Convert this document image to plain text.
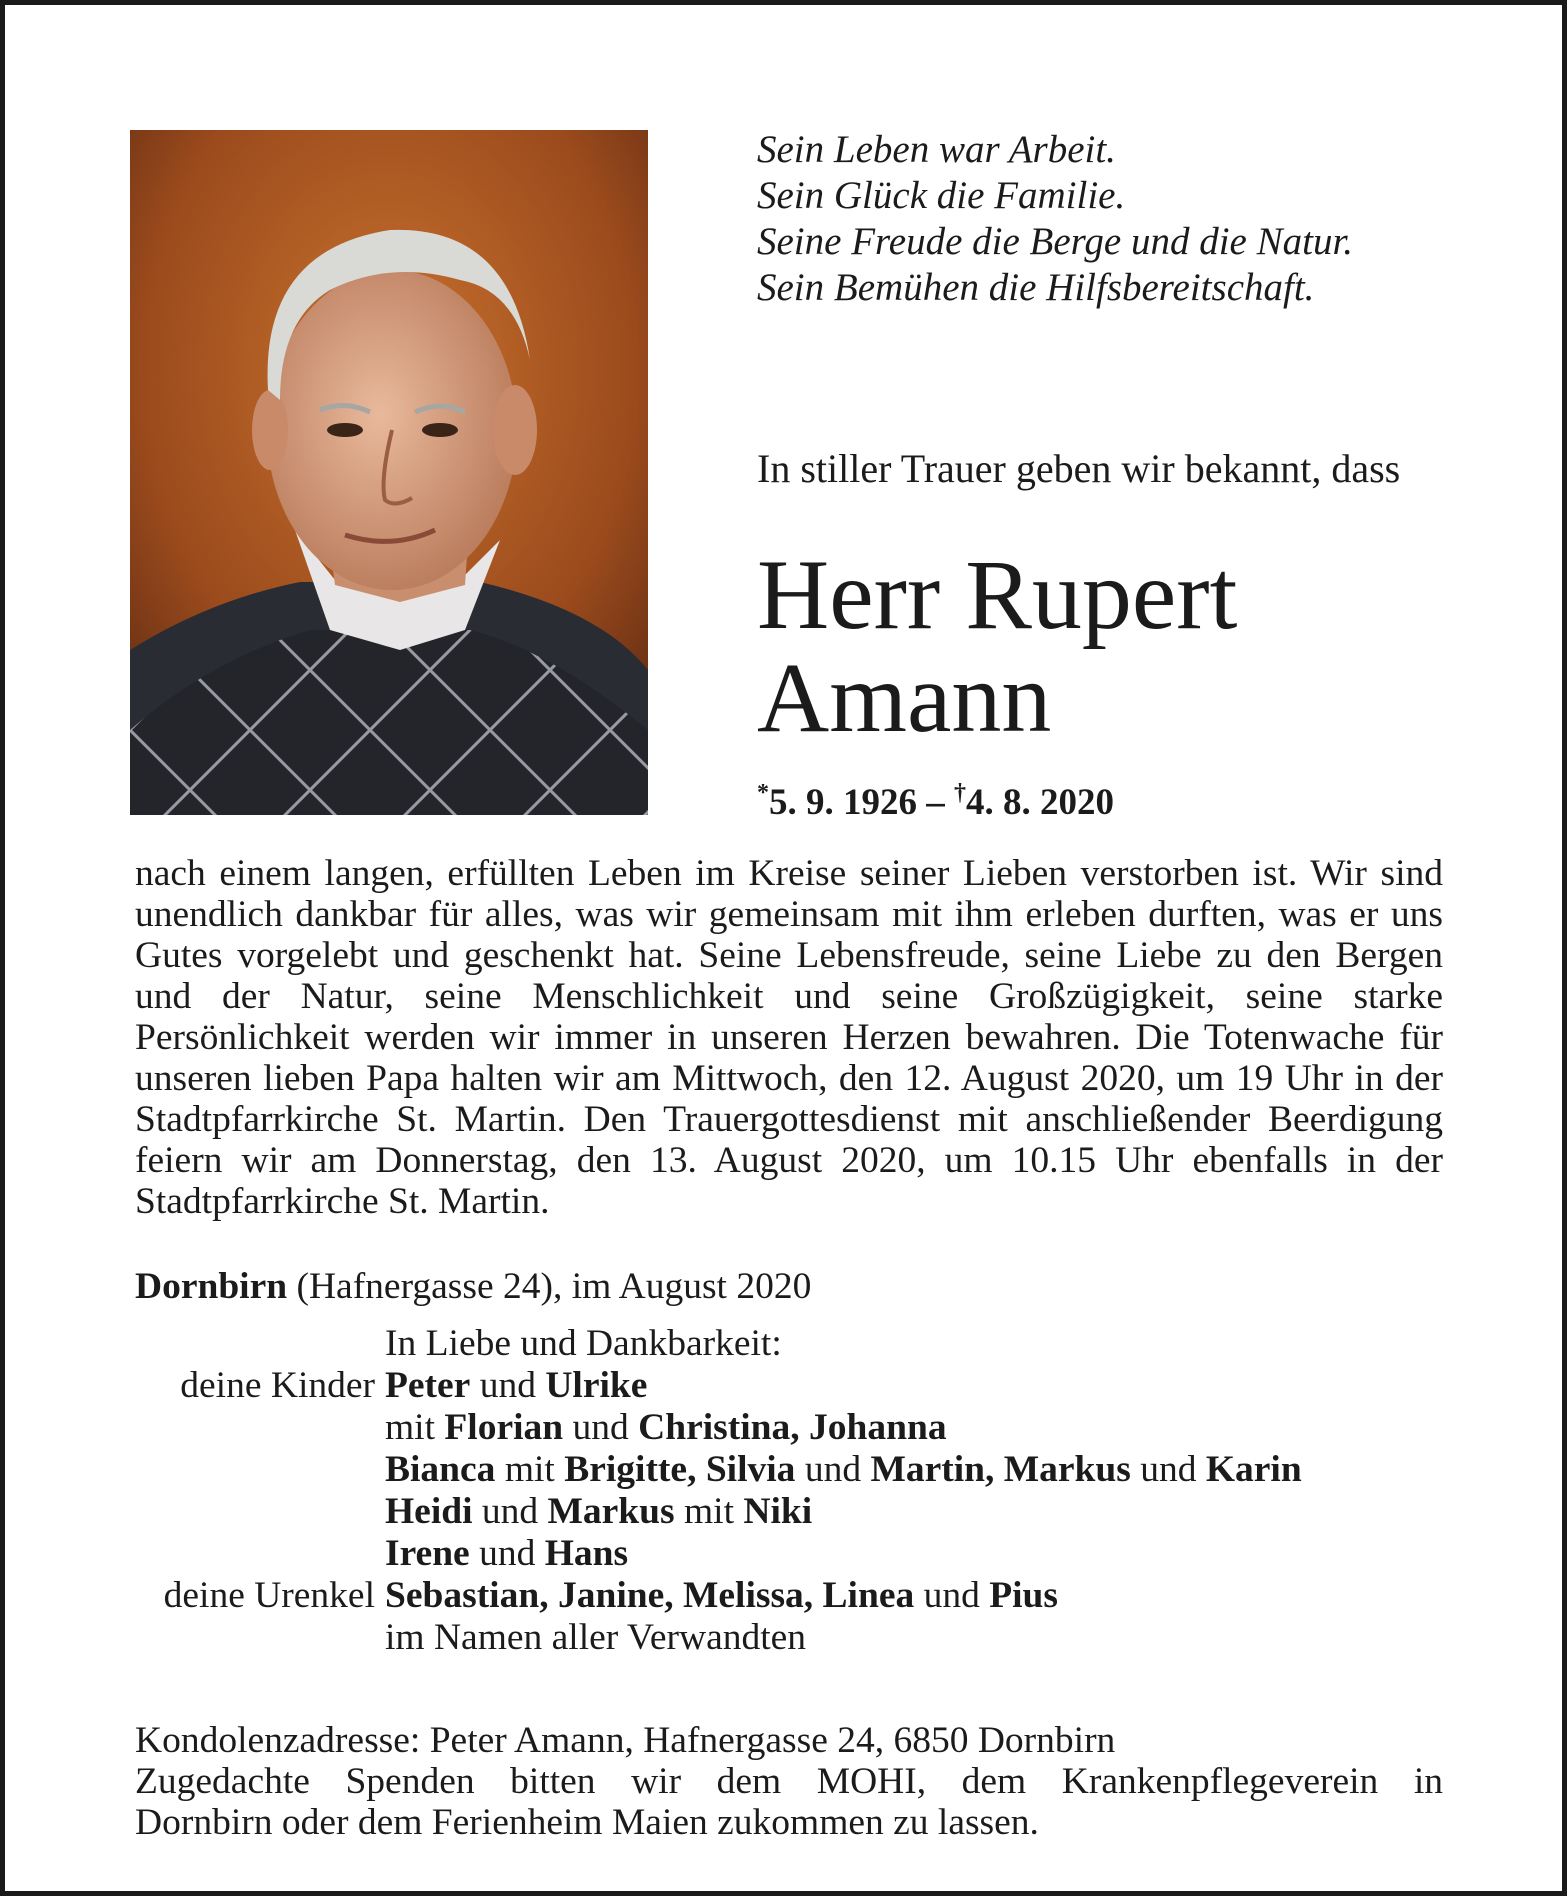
Sein Leben war Arbeit.
Sein Glück die Familie.
Seine Freude die Berge und die Natur.
Sein Bemühen die Hilfsbereitschaft.
In stiller Trauer geben wir bekannt, dass
Herr Rupert
Amann
*5. 9. 1926 – †4. 8. 2020
nach einem langen, erfüllten Leben im Kreise seiner Lieben verstorben ist. Wir sind unendlich dankbar für alles, was wir gemeinsam mit ihm erleben durften, was er uns Gutes vorgelebt und geschenkt hat. Seine Lebensfreude, seine Liebe zu den Bergen und der Natur, seine Menschlichkeit und seine Großzügigkeit, seine starke Persönlichkeit werden wir immer in unseren Herzen bewahren. Die Totenwache für unseren lieben Papa halten wir am Mittwoch, den 12. August 2020, um 19 Uhr in der Stadtpfarrkirche St. Martin. Den Trauergottesdienst mit anschließender Beerdigung feiern wir am Donnerstag, den 13. August 2020, um 10.15 Uhr ebenfalls in der Stadtpfarrkirche St. Martin.
Dornbirn (Hafnergasse 24), im August 2020
In Liebe und Dankbarkeit:
deine Kinder Peter und Ulrike
mit Florian und Christina, Johanna
Bianca mit Brigitte, Silvia und Martin, Markus und Karin
Heidi und Markus mit Niki
Irene und Hans
deine Urenkel Sebastian, Janine, Melissa, Linea und Pius
im Namen aller Verwandten
Kondolenzadresse: Peter Amann, Hafnergasse 24, 6850 Dornbirn
Zugedachte Spenden bitten wir dem MOHI, dem Krankenpflegeverein in
Dornbirn oder dem Ferienheim Maien zukommen zu lassen.
